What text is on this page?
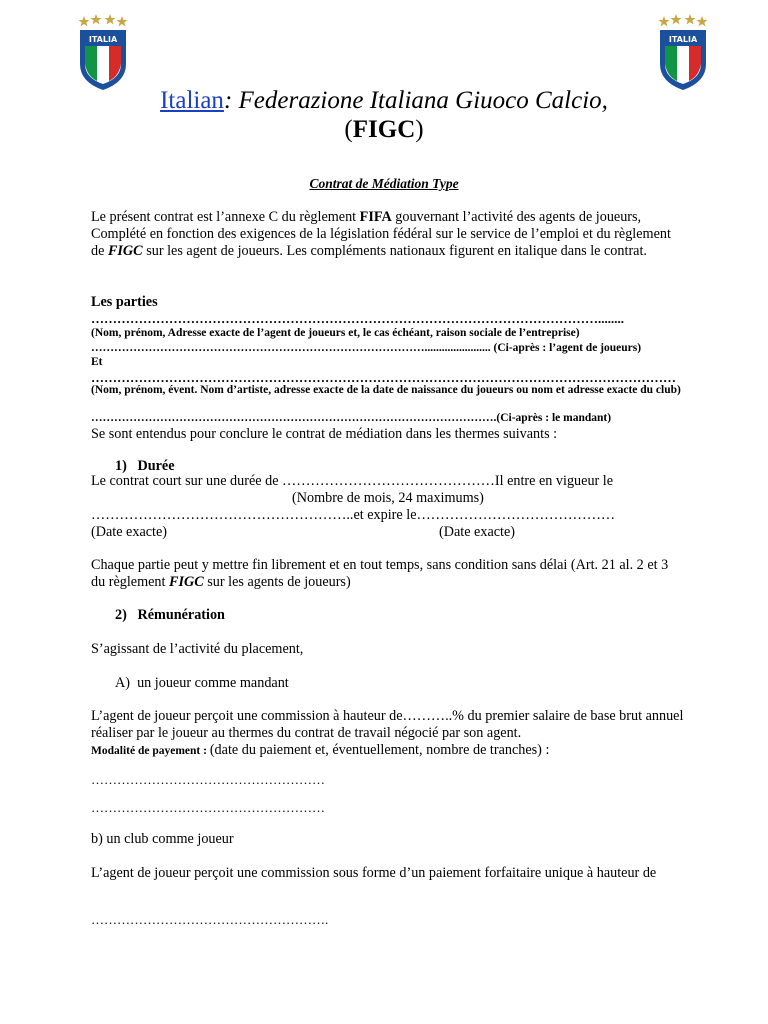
ITALIA	ITALIA
Italian: Federazione Italiana Giuoco Calcio,
(FIGC)
Contrat de Médiation Type
Le présent contrat est l’annexe C du règlement FIFA gouvernant l’activité des agents de joueurs, Complété en fonction des exigences de la législation fédéral sur le service de l’emploi et du règlement de FIGC sur les agent de joueurs. Les compléments nationaux figurent en italique dans le contrat.
Les parties
………………………………………………………………………………………………………........
(Nom, prénom, Adresse exacte de l’agent de joueurs et, le cas échéant, raison sociale de l’entreprise)
……………………………………………………………………………....................... (Ci-après : l’agent de joueurs)
Et
………………………………………………………………………………………………………………………
(Nom, prénom, évent. Nom d’artiste, adresse exacte de la date de naissance du joueurs ou nom et adresse exacte du club)
…………………………………………………………………………………………….(Ci-après : le mandant)
Se sont entendus pour conclure le contrat de médiation dans les thermes suivants :
1)   Durée
Le contrat court sur une durée de ………………………………………Il entre en vigueur le
(Nombre de mois, 24 maximums)
………………………………………………..et expire le……………………………………
(Date exacte)	(Date exacte)
Chaque partie peut y mettre fin librement et en tout temps, sans condition sans délai (Art. 21 al. 2 et 3 du règlement FIGC sur les agents de joueurs)
2)   Rémunération
S’agissant de l’activité du placement,
A)  un joueur comme mandant
L’agent de joueur perçoit une commission à hauteur de………..% du premier salaire de base brut annuel réaliser par le joueur au thermes du contrat de travail négocié par son agent.
Modalité de payement : (date du paiement et, éventuellement, nombre de tranches) :
………………………………………………
………………………………………………
b) un club comme joueur
L’agent de joueur perçoit une commission sous forme d’un paiement forfaitaire unique à hauteur de
……………………………………………….
